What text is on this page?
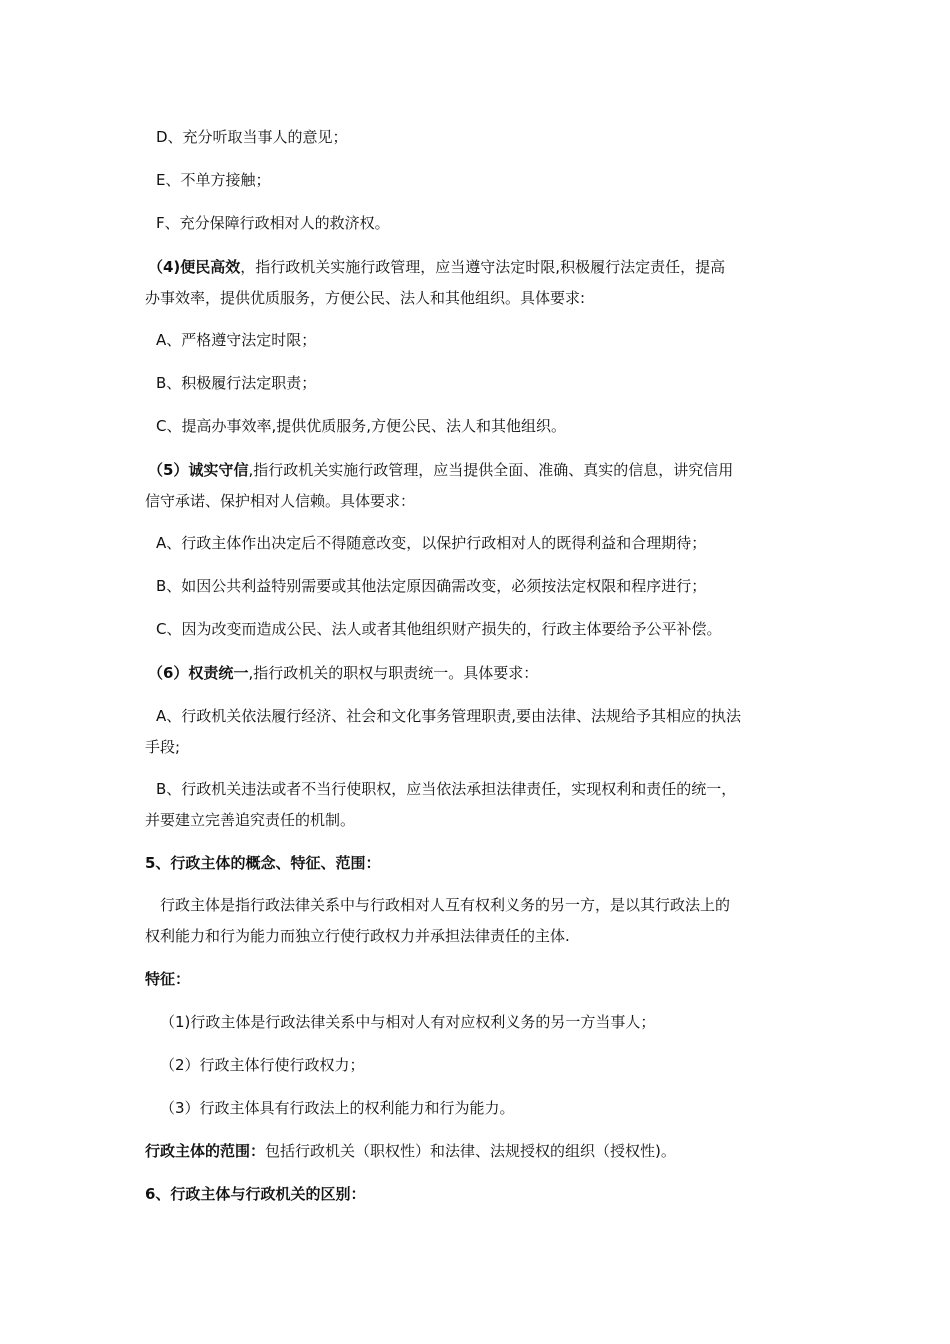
D、充分听取当事人的意见；
E、不单方接触；
F、充分保障行政相对人的救济权。
（4)便民高效，指行政机关实施行政管理，应当遵守法定时限,积极履行法定责任，提高
办事效率，提供优质服务，方便公民、法人和其他组织。具体要求:
A、严格遵守法定时限；
B、积极履行法定职责；
C、提高办事效率,提供优质服务,方便公民、法人和其他组织。
（5）诚实守信,指行政机关实施行政管理，应当提供全面、准确、真实的信息，讲究信用
信守承诺、保护相对人信赖。具体要求：
A、行政主体作出决定后不得随意改变，以保护行政相对人的既得利益和合理期待；
B、如因公共利益特别需要或其他法定原因确需改变，必须按法定权限和程序进行；
C、因为改变而造成公民、法人或者其他组织财产损失的，行政主体要给予公平补偿。
（6）权责统一,指行政机关的职权与职责统一。具体要求：
A、行政机关依法履行经济、社会和文化事务管理职责,要由法律、法规给予其相应的执法
手段;
B、行政机关违法或者不当行使职权，应当依法承担法律责任，实现权利和责任的统一，
并要建立完善追究责任的机制。
5、行政主体的概念、特征、范围：
行政主体是指行政法律关系中与行政相对人互有权利义务的另一方，是以其行政法上的
权利能力和行为能力而独立行使行政权力并承担法律责任的主体.
特征：
（1)行政主体是行政法律关系中与相对人有对应权利义务的另一方当事人；
（2）行政主体行使行政权力；
（3）行政主体具有行政法上的权利能力和行为能力。
行政主体的范围：包括行政机关（职权性）和法律、法规授权的组织（授权性)。
6、行政主体与行政机关的区别：
